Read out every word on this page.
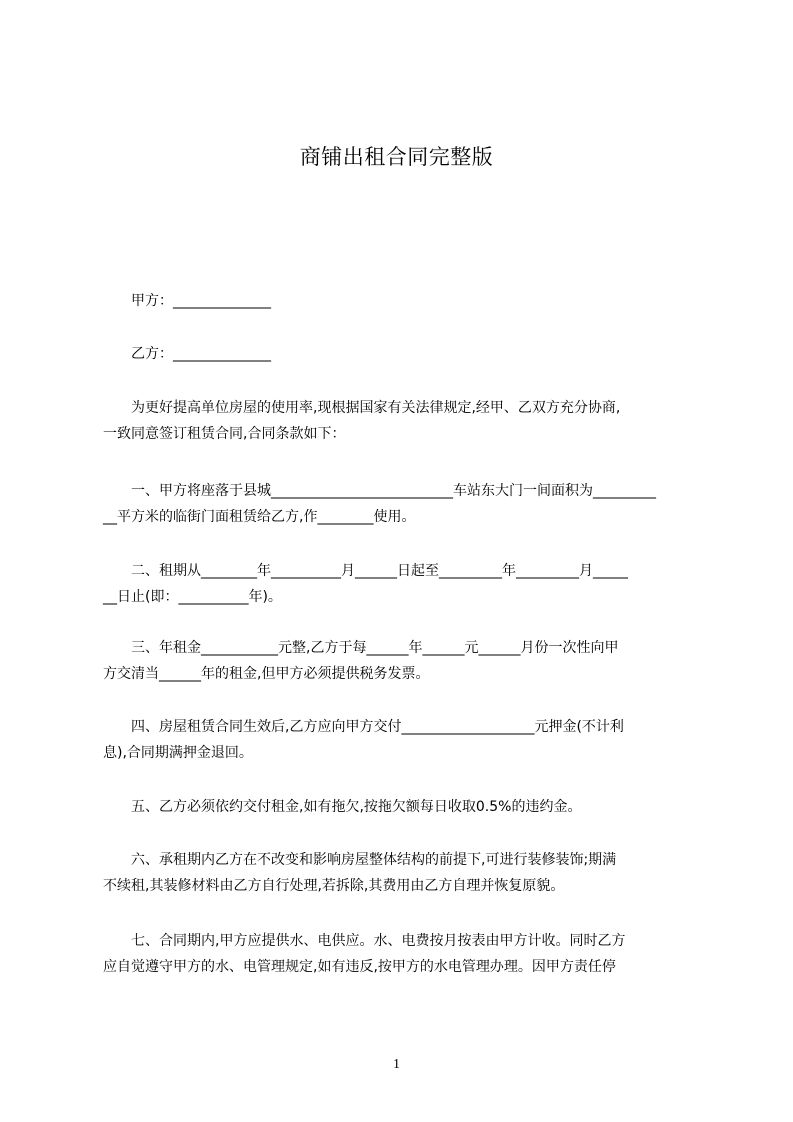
商铺出租合同完整版
　　甲方：______________
　　乙方：______________
　　为更好提高单位房屋的使用率,现根据国家有关法律规定,经甲、乙双方充分协商,
一致同意签订租赁合同,合同条款如下：
　　一、甲方将座落于县城__________________________车站东大门一间面积为_________
__平方米的临街门面租赁给乙方,作________使用。
　　二、租期从________年__________月______日起至_________年_________月_____
__日止(即：__________年)。
　　三、年租金___________元整,乙方于每______年______元______月份一次性向甲
方交清当______年的租金,但甲方必须提供税务发票。
　　四、房屋租赁合同生效后,乙方应向甲方交付___________________元押金(不计利
息),合同期满押金退回。
　　五、乙方必须依约交付租金,如有拖欠,按拖欠额每日收取0.5%的违约金。
　　六、承租期内乙方在不改变和影响房屋整体结构的前提下,可进行装修装饰;期满
不续租,其装修材料由乙方自行处理,若拆除,其费用由乙方自理并恢复原貌。
　　七、合同期内,甲方应提供水、电供应。水、电费按月按表由甲方计收。同时乙方
应自觉遵守甲方的水、电管理规定,如有违反,按甲方的水电管理办理。因甲方责任停
1
